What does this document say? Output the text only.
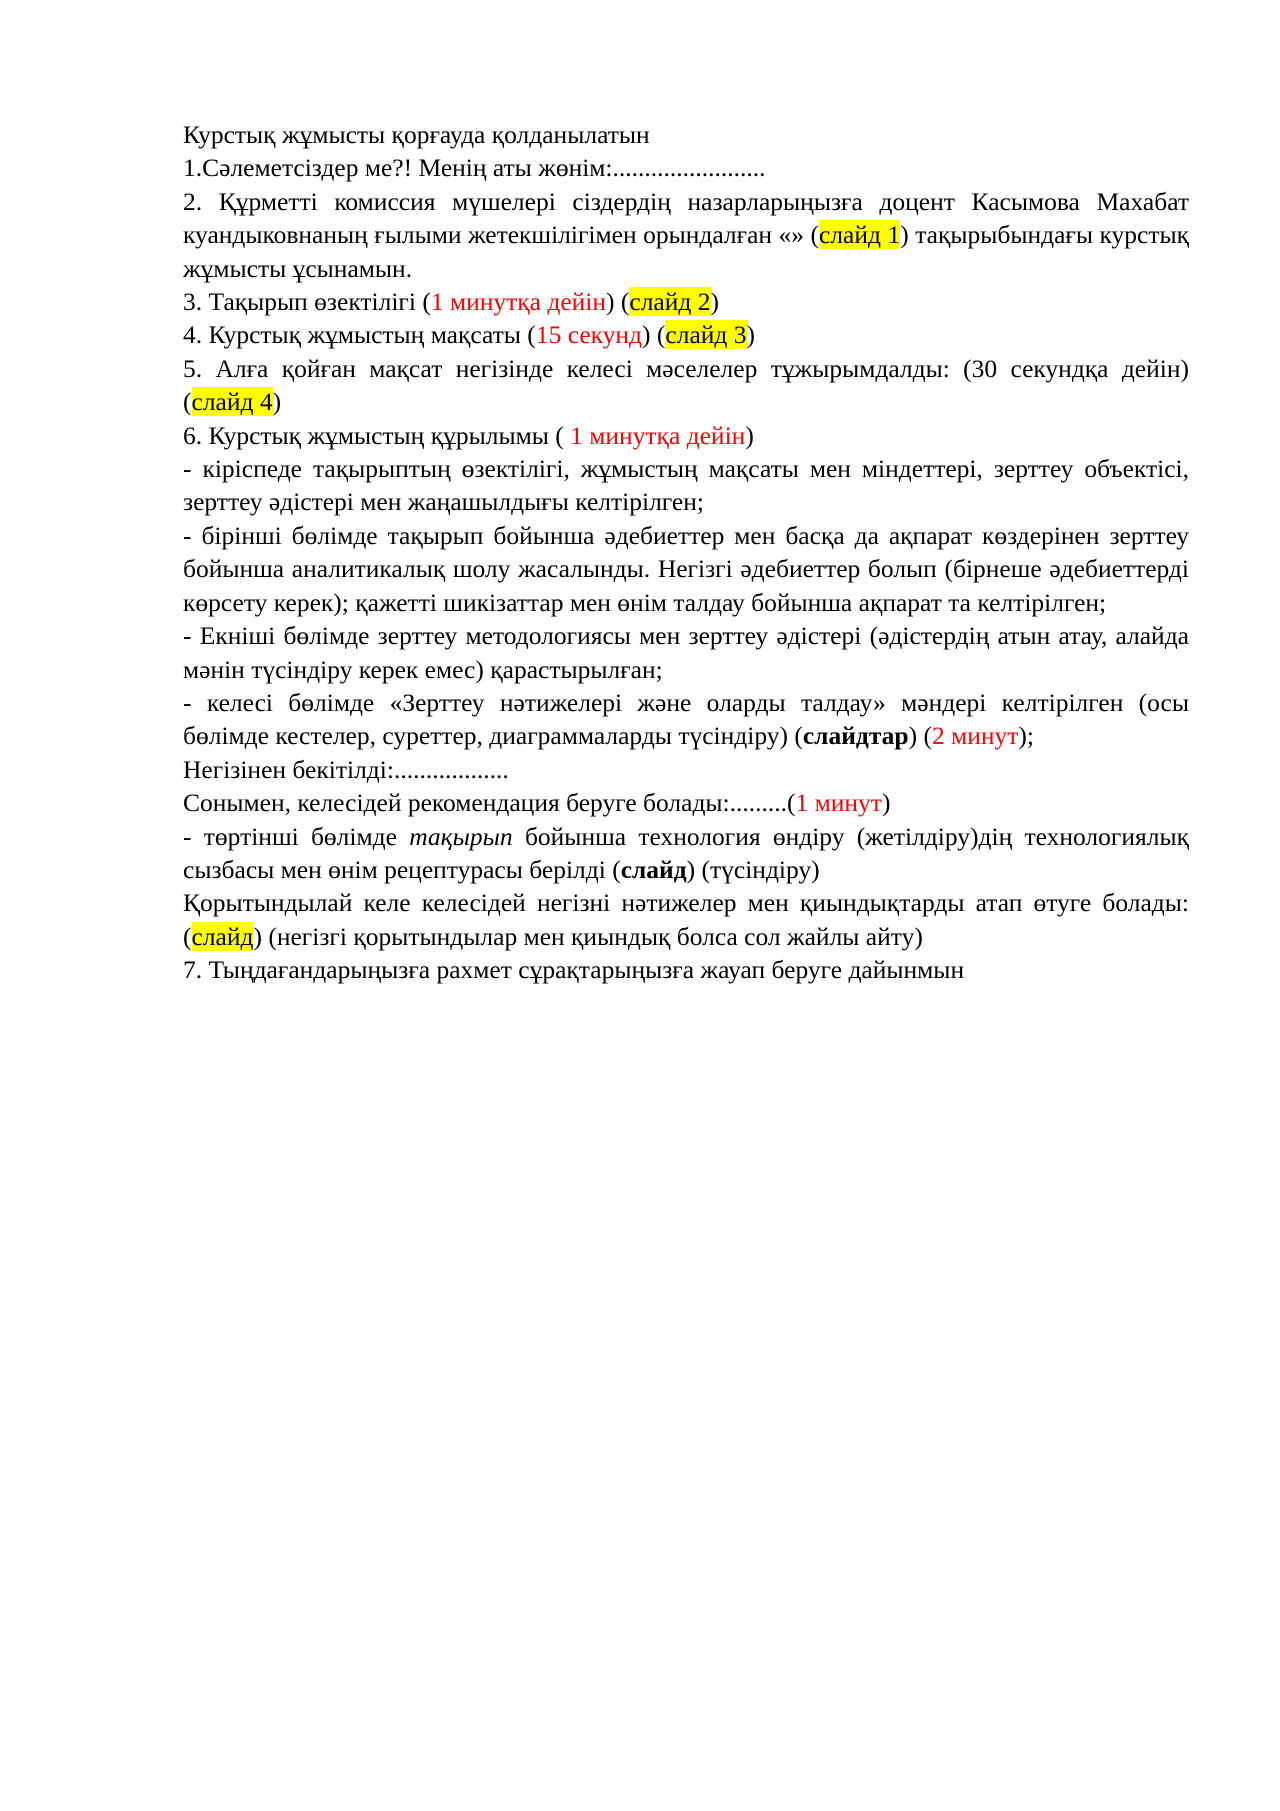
Курстық жұмысты қорғауда қолданылатын

1.Сәлеметсіздер ме?! Менің аты жөнім:........................

2. Құрметті комиссия мүшелері сіздердің назарларыңызға доцент Касымова Махабат куандыковнаның ғылыми жетекшілігімен орындалған «» (слайд 1) тақырыбындағы курстық жұмысты ұсынамын.

3. Тақырып өзектілігі (1 минутқа дейін) (слайд 2)

4. Курстық жұмыстың мақсаты (15 секунд) (слайд 3)

5. Алға қойған мақсат негізінде келесі мәселелер тұжырымдалды: (30 секундқа дейін) (слайд 4)

6. Курстық жұмыстың құрылымы ( 1 минутқа дейін)

- кіріспеде тақырыптың өзектілігі, жұмыстың мақсаты мен міндеттері, зерттеу объектісі, зерттеу әдістері мен жаңашылдығы келтірілген;

- бірінші бөлімде тақырып бойынша әдебиеттер мен басқа да ақпарат көздерінен зерттеу бойынша аналитикалық шолу жасалынды. Негізгі әдебиеттер болып (бірнеше әдебиеттерді көрсету керек); қажетті шикізаттар мен өнім талдау бойынша ақпарат та келтірілген;

- Екніші бөлімде зерттеу методологиясы мен зерттеу әдістері (әдістердің атын атау, алайда мәнін түсіндіру керек емес) қарастырылған;

- келесі бөлімде «Зерттеу нәтижелері және оларды талдау» мәндері келтірілген (осы бөлімде кестелер, суреттер, диаграммаларды түсіндіру) (слайдтар) (2 минут);

Негізінен бекітілді:..................

Сонымен, келесідей рекомендация беруге болады:.........(1 минут)

- төртінші бөлімде тақырып бойынша технология өндіру (жетілдіру)дің технологиялық сызбасы мен өнім рецептурасы берілді (слайд) (түсіндіру)

Қорытындылай келе келесідей негізні нәтижелер мен қиындықтарды атап өтуге болады: (слайд) (негізгі қорытындылар мен қиындық болса сол жайлы айту)

7. Тыңдағандарыңызға рахмет сұрақтарыңызға жауап беруге дайынмын
